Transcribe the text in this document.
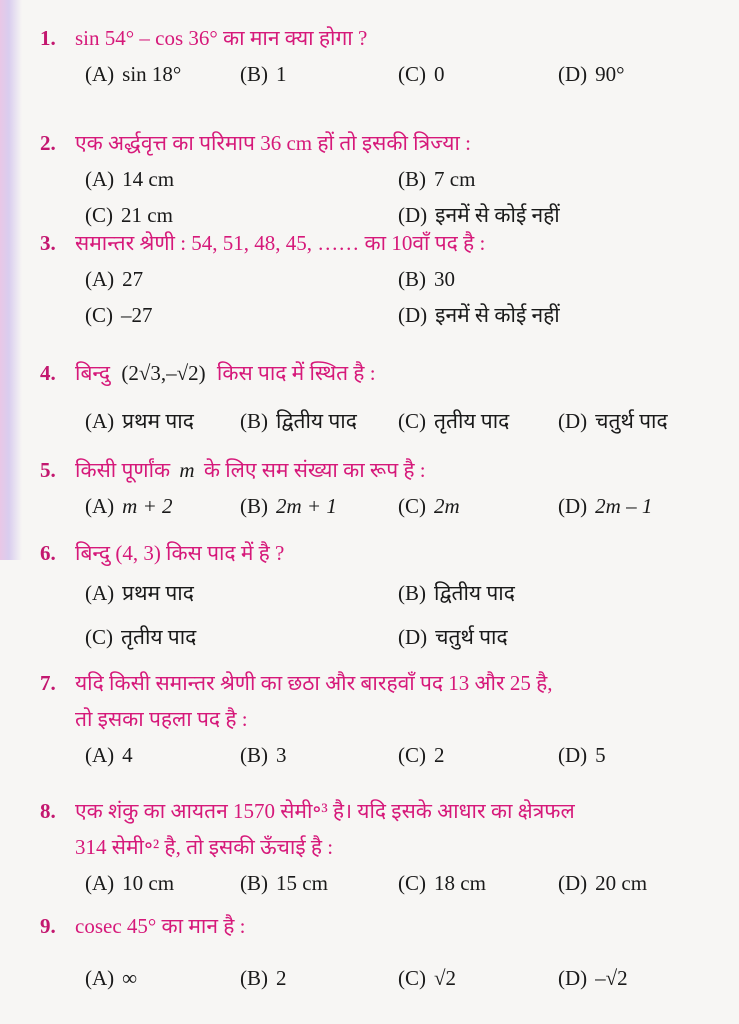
1. sin 54° – cos 36° का मान क्या होगा ?
(A) sin 18°	(B) 1	(C) 0	(D) 90°
2. एक अर्द्धवृत्त का परिमाप 36 cm हों तो इसकी त्रिज्या :
(A) 14 cm	(B) 7 cm
(C) 21 cm	(D) इनमें से कोई नहीं
3. समान्तर श्रेणी : 54, 51, 48, 45, …… का 10वाँ पद है :
(A) 27	(B) 30
(C) –27	(D) इनमें से कोई नहीं
4. बिन्दु (2√3,–√2) किस पाद में स्थित है :
(A) प्रथम पाद (B) द्वितीय पाद (C) तृतीय पाद (D) चतुर्थ पाद
5. किसी पूर्णांक m के लिए सम संख्या का रूप है :
(A) m + 2	(B) 2m + 1	(C) 2m	(D) 2m – 1
6. बिन्दु (4, 3) किस पाद में है ?
(A) प्रथम पाद	(B) द्वितीय पाद
(C) तृतीय पाद	(D) चतुर्थ पाद
7. यदि किसी समान्तर श्रेणी का छठा और बारहवाँ पद 13 और 25 है,
तो इसका पहला पद है :
(A) 4	(B) 3	(C) 2	(D) 5
8. एक शंकु का आयतन 1570 सेमी॰³ है। यदि इसके आधार का क्षेत्रफल
314 सेमी॰² है, तो इसकी ऊँचाई है :
(A) 10 cm	(B) 15 cm	(C) 18 cm	(D) 20 cm
9. cosec 45° का मान है :
(A) ∞	(B) 2	(C) √2	(D) –√2
